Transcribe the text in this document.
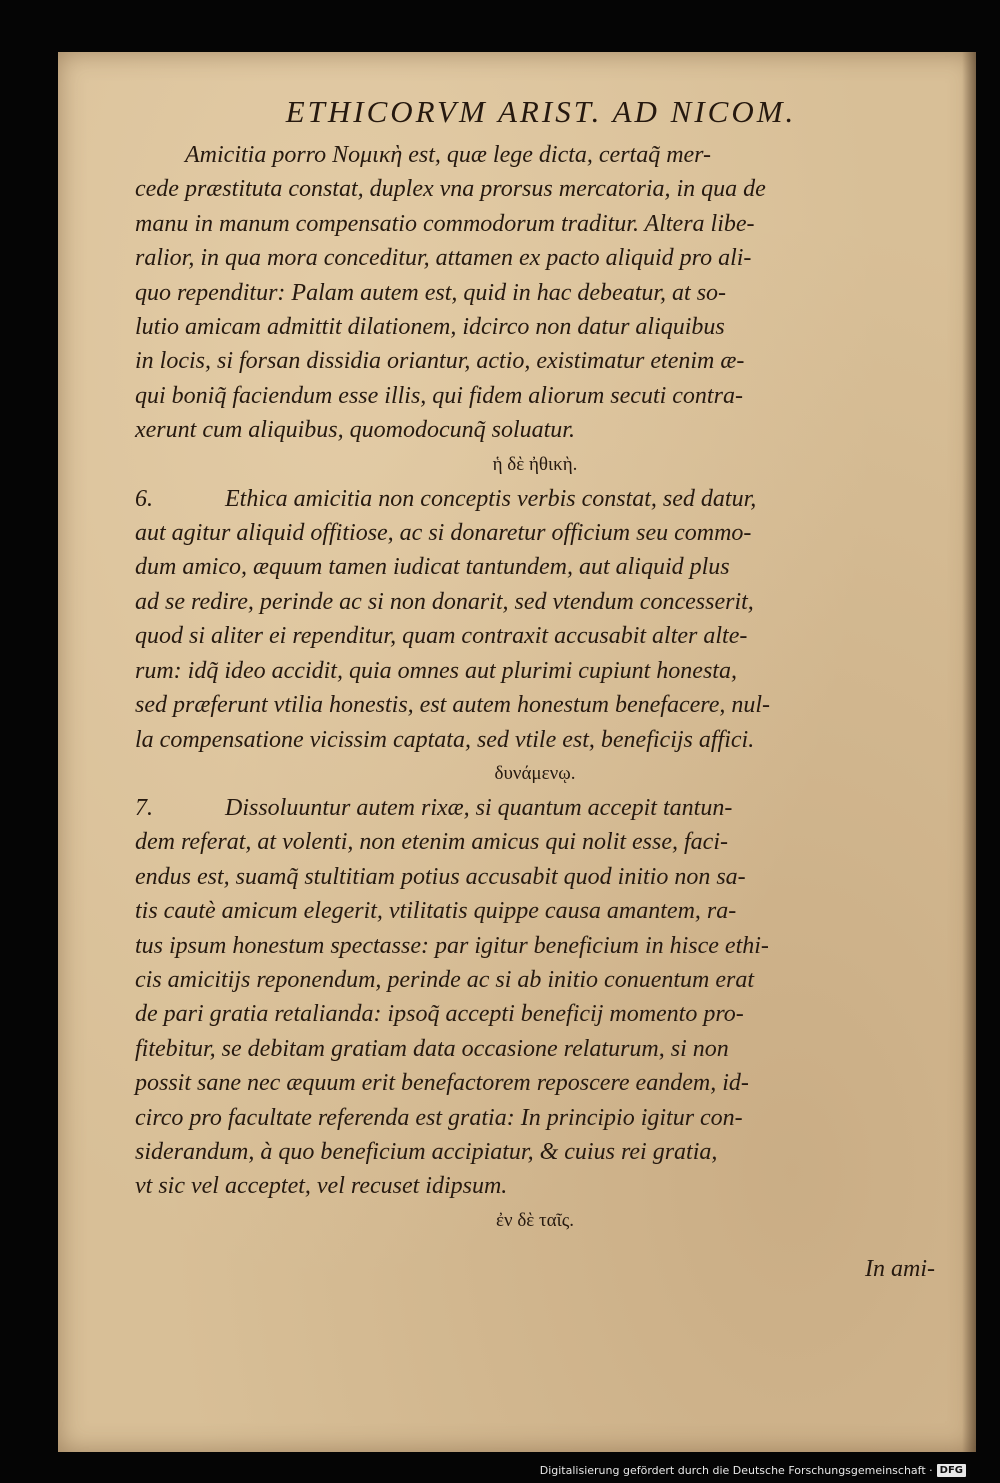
ETHICORVM ARIST. AD NICOM.

Amicitia porro Νομικὴ est, quæ lege dicta, certaq̃ mer-

cede præstituta constat, duplex vna prorsus mercatoria, in qua de

manu in manum compensatio commodorum traditur. Altera libe-

ralior, in qua mora conceditur, attamen ex pacto aliquid pro ali-

quo rependitur: Palam autem est, quid in hac debeatur, at so-

lutio amicam admittit dilationem, idcirco non datur aliquibus

in locis, si forsan dissidia oriantur, actio, existimatur etenim æ-

qui boniq̃ faciendum esse illis, qui fidem aliorum secuti contra-

xerunt cum aliquibus, quomodocunq̃ soluatur.

ἡ δὲ ἠθικὴ.

6.	Ethica amicitia non conceptis verbis constat, sed datur,

aut agitur aliquid offitiose, ac si donaretur officium seu commo-

dum amico, æquum tamen iudicat tantundem, aut aliquid plus

ad se redire, perinde ac si non donarit, sed vtendum concesserit,

quod si aliter ei rependitur, quam contraxit accusabit alter alte-

rum: idq̃ ideo accidit, quia omnes aut plurimi cupiunt honesta,

sed præferunt vtilia honestis, est autem honestum benefacere, nul-

la compensatione vicissim captata, sed vtile est, beneficijs affici.

δυνάμενῳ.

7.	Dissoluuntur autem rixæ, si quantum accepit tantun-

dem referat, at volenti, non etenim amicus qui nolit esse, faci-

endus est, suamq̃ stultitiam potius accusabit quod initio non sa-

tis cautè amicum elegerit, vtilitatis quippe causa amantem, ra-

tus ipsum honestum spectasse: par igitur beneficium in hisce ethi-

cis amicitijs reponendum, perinde ac si ab initio conuentum erat

de pari gratia retalianda: ipsoq̃ accepti beneficij momento pro-

fitebitur, se debitam gratiam data occasione relaturum, si non

possit sane nec æquum erit benefactorem reposcere eandem, id-

circo pro facultate referenda est gratia: In principio igitur con-

siderandum, à quo beneficium accipiatur, & cuius rei gratia,

vt sic vel acceptet, vel recuset idipsum.

ἐν δὲ ταῖς.

In ami-

Digitalisierung gefördert durch die Deutsche Forschungsgemeinschaft · DFG
